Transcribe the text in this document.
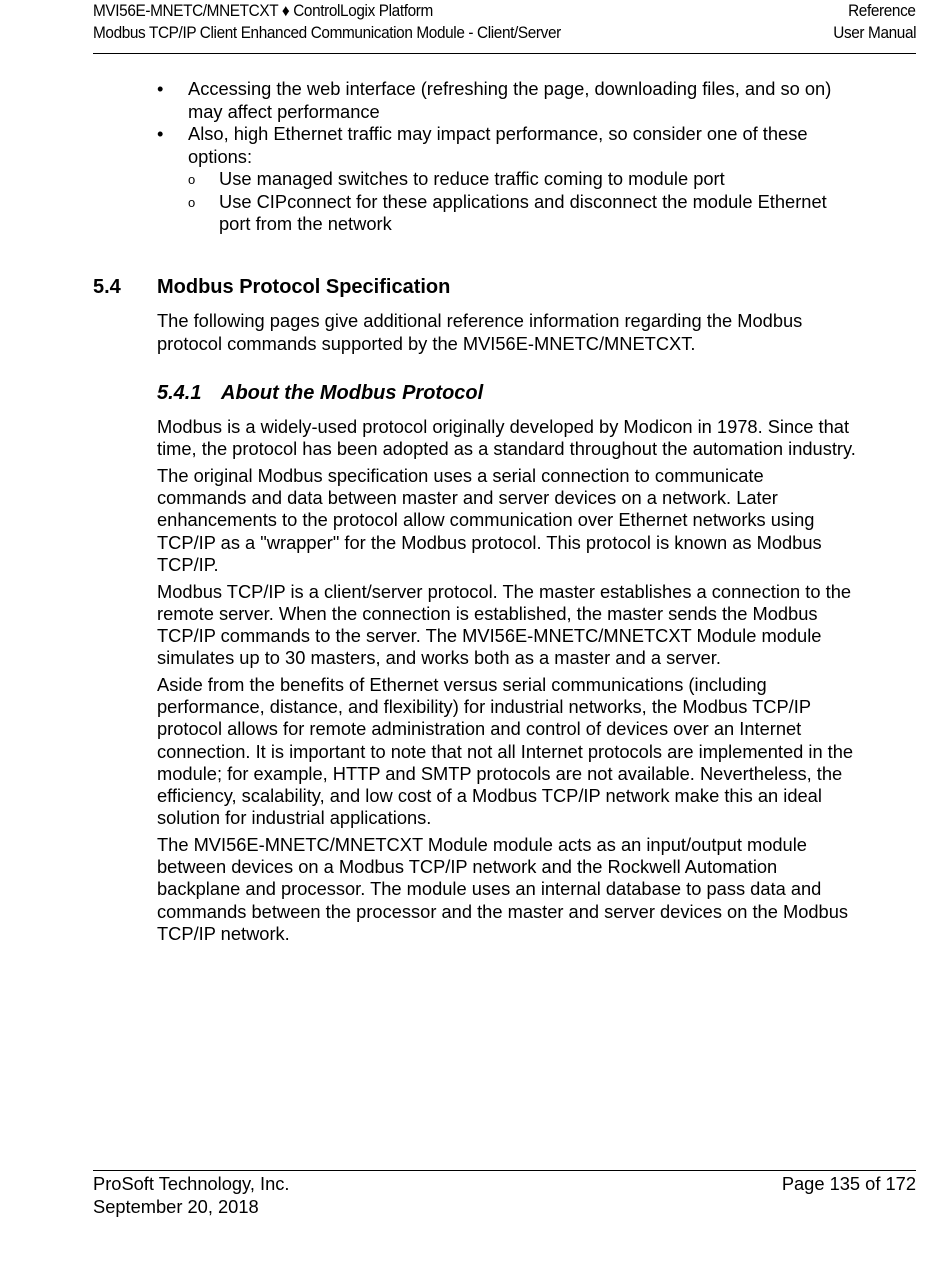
MVI56E-MNETC/MNETCXT ♦ ControlLogix Platform
Modbus TCP/IP Client Enhanced Communication Module - Client/Server
Reference
User Manual

• Accessing the web interface (refreshing the page, downloading files, and so on) may affect performance

• Also, high Ethernet traffic may impact performance, so consider one of these options:

o Use managed switches to reduce traffic coming to module port

o Use CIPconnect for these applications and disconnect the module Ethernet port from the network

5.4 Modbus Protocol Specification

The following pages give additional reference information regarding the Modbus protocol commands supported by the MVI56E-MNETC/MNETCXT.

5.4.1 About the Modbus Protocol

Modbus is a widely-used protocol originally developed by Modicon in 1978. Since that time, the protocol has been adopted as a standard throughout the automation industry.

The original Modbus specification uses a serial connection to communicate commands and data between master and server devices on a network. Later enhancements to the protocol allow communication over Ethernet networks using TCP/IP as a "wrapper" for the Modbus protocol. This protocol is known as Modbus TCP/IP.

Modbus TCP/IP is a client/server protocol. The master establishes a connection to the remote server. When the connection is established, the master sends the Modbus TCP/IP commands to the server. The MVI56E-MNETC/MNETCXT Module module simulates up to 30 masters, and works both as a master and a server.

Aside from the benefits of Ethernet versus serial communications (including performance, distance, and flexibility) for industrial networks, the Modbus TCP/IP protocol allows for remote administration and control of devices over an Internet connection. It is important to note that not all Internet protocols are implemented in the module; for example, HTTP and SMTP protocols are not available. Nevertheless, the efficiency, scalability, and low cost of a Modbus TCP/IP network make this an ideal solution for industrial applications.

The MVI56E-MNETC/MNETCXT Module module acts as an input/output module between devices on a Modbus TCP/IP network and the Rockwell Automation backplane and processor. The module uses an internal database to pass data and commands between the processor and the master and server devices on the Modbus TCP/IP network.

ProSoft Technology, Inc.
September 20, 2018
Page 135 of 172
